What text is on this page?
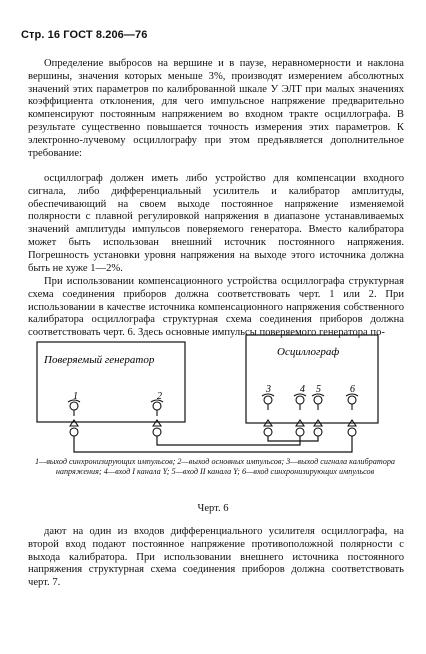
Стр. 16 ГОСТ 8.206—76

Определение выбросов на вершине и в паузе, неравномерности и наклона вершины, значения которых меньше 3%, производят измерением абсолютных значений этих параметров по калиброванной шкале У ЭЛТ при малых значениях коэффициента отклонения, для чего импульсное напряжение предварительно компенсируют постоянным напряжением во входном тракте осциллографа. В результате существенно повышается точность измерения этих параметров. К электронно-лучевому осциллографу при этом предъявляется дополнительное требование:

осциллограф должен иметь либо устройство для компенсации входного сигнала, либо дифференциальный усилитель и калибратор амплитуды, обеспечивающий на своем выходе постоянное напряжение изменяемой полярности с плавной регулировкой напряжения в диапазоне устанавливаемых значений амплитуды импульсов поверяемого генератора. Вместо калибратора может быть использован внешний источник постоянного напряжения. Погрешность установки уровня напряжения на выходе этого источника должна быть не хуже 1—2%.

При использовании компенсационного устройства осциллографа структурная схема соединения приборов должна соответствовать черт. 1 или 2. При использовании в качестве источника компенсационного напряжения собственного калибратора осциллографа структурная схема соединения приборов должна соответствовать черт. 6. Здесь основные импульсы поверяемого генератора по-

Поверяемый генератор
Осциллограф
1	2
3	4 5	6

1—выход синхронизирующих импульсов; 2—выход основных импульсов; 3—выход сигнала калибратора напряжения; 4—вход I канала Y; 5—вход II канала Y; 6—вход синхронизирующих импульсов

Черт. 6

дают на один из входов дифференциального усилителя осциллографа, на второй вход подают постоянное напряжение противоположной полярности с выхода калибратора. При использовании внешнего источника постоянного напряжения структурная схема соединения приборов должна соответствовать черт. 7.
